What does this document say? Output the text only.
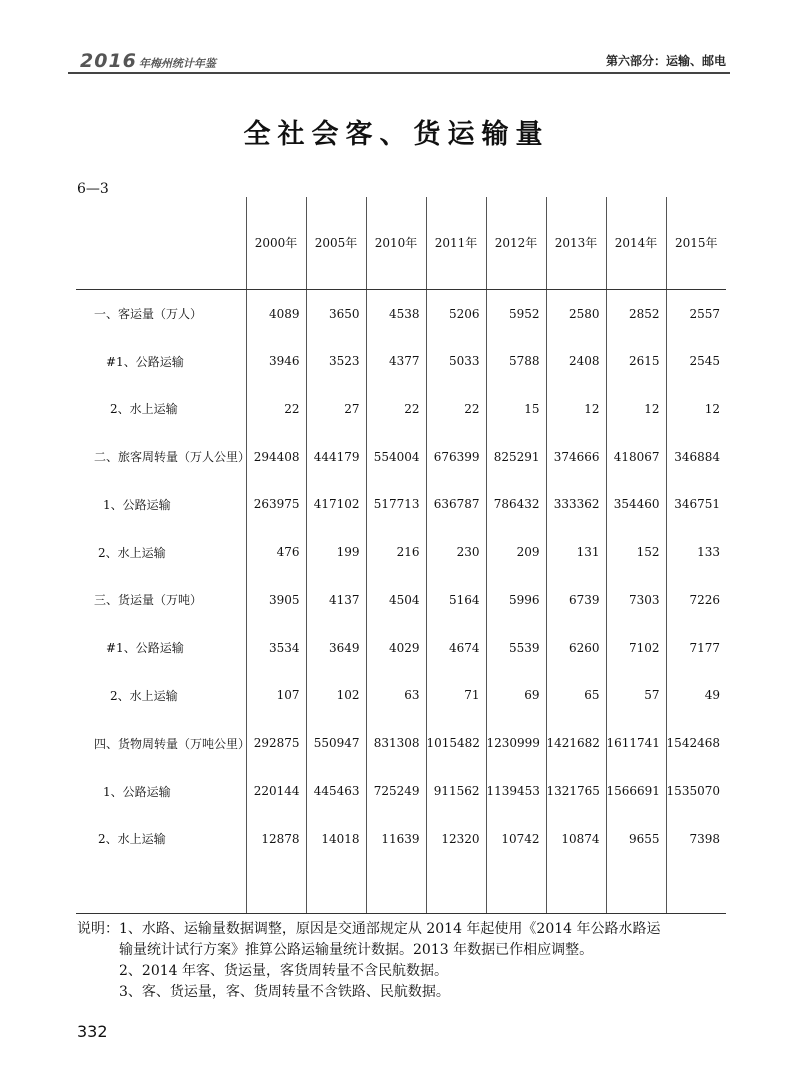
2016 年梅州统计年鉴	第六部分：运输、邮电
全社会客、货运输量
6—3
	2000年	2005年	2010年	2011年	2012年	2013年	2014年	2015年
一、客运量（万人）	4089	3650	4538	5206	5952	2580	2852	2557
#1、公路运输	3946	3523	4377	5033	5788	2408	2615	2545
2、水上运输	22	27	22	22	15	12	12	12
二、旅客周转量（万人公里）	294408	444179	554004	676399	825291	374666	418067	346884
1、公路运输	263975	417102	517713	636787	786432	333362	354460	346751
2、水上运输	476	199	216	230	209	131	152	133
三、货运量（万吨）	3905	4137	4504	5164	5996	6739	7303	7226
#1、公路运输	3534	3649	4029	4674	5539	6260	7102	7177
2、水上运输	107	102	63	71	69	65	57	49
四、货物周转量（万吨公里）	292875	550947	831308	1015482	1230999	1421682	1611741	1542468
1、公路运输	220144	445463	725249	911562	1139453	1321765	1566691	1535070
2、水上运输	12878	14018	11639	12320	10742	10874	9655	7398

说明：1、水路、运输量数据调整，原因是交通部规定从 2014 年起使用《2014 年公路水路运
输量统计试行方案》推算公路运输量统计数据。2013 年数据已作相应调整。
2、2014 年客、货运量，客货周转量不含民航数据。
3、客、货运量，客、货周转量不含铁路、民航数据。
332
